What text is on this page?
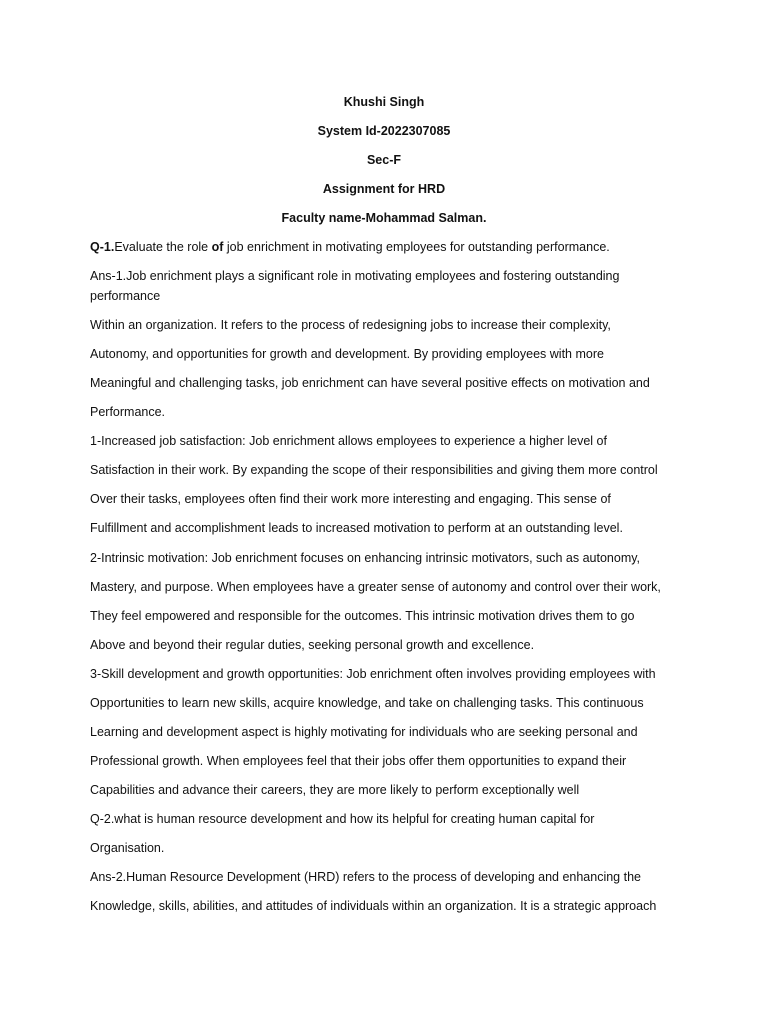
Khushi Singh
System Id-2022307085
Sec-F
Assignment for HRD
Faculty name-Mohammad Salman.
Q-1.Evaluate the role of job enrichment in motivating employees for outstanding performance.
Ans-1.Job enrichment plays a significant role in motivating employees and fostering outstanding
performance
Within an organization. It refers to the process of redesigning jobs to increase their complexity,
Autonomy, and opportunities for growth and development. By providing employees with more
Meaningful and challenging tasks, job enrichment can have several positive effects on motivation and
Performance.
1-Increased job satisfaction: Job enrichment allows employees to experience a higher level of
Satisfaction in their work. By expanding the scope of their responsibilities and giving them more control
Over their tasks, employees often find their work more interesting and engaging. This sense of
Fulfillment and accomplishment leads to increased motivation to perform at an outstanding level.
2-Intrinsic motivation: Job enrichment focuses on enhancing intrinsic motivators, such as autonomy,
Mastery, and purpose. When employees have a greater sense of autonomy and control over their work,
They feel empowered and responsible for the outcomes. This intrinsic motivation drives them to go
Above and beyond their regular duties, seeking personal growth and excellence.
3-Skill development and growth opportunities: Job enrichment often involves providing employees with
Opportunities to learn new skills, acquire knowledge, and take on challenging tasks. This continuous
Learning and development aspect is highly motivating for individuals who are seeking personal and
Professional growth. When employees feel that their jobs offer them opportunities to expand their
Capabilities and advance their careers, they are more likely to perform exceptionally well
Q-2.what is human resource development and how its helpful for creating human capital for
Organisation.
Ans-2.Human Resource Development (HRD) refers to the process of developing and enhancing the
Knowledge, skills, abilities, and attitudes of individuals within an organization. It is a strategic approach
